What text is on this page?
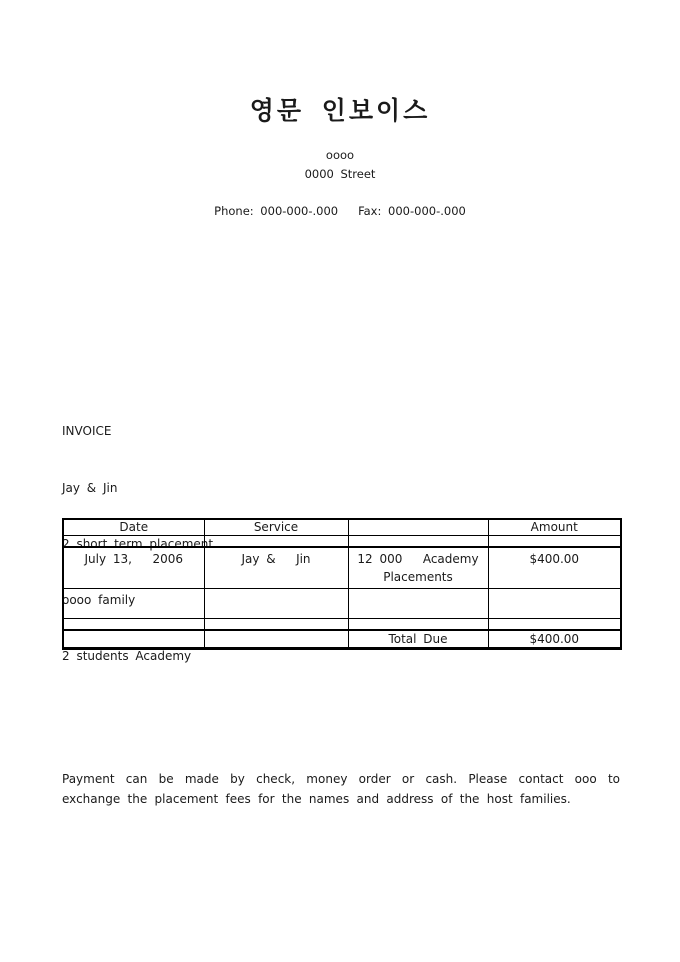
영문 인보이스
oooo
0000 Street
Phone: 000-000-.000   Fax: 000-000-.000

INVOICE

Jay & Jin

2 short term placement

oooo family

2 students Academy

Date	Service		Amount

July 13,   2006	Jay &   Jin	12 000   Academy Placements	$400.00

		Total Due	$400.00
Payment can be made by check, money order or cash. Please contact ooo to exchange the placement fees for the names and address of the host families.
